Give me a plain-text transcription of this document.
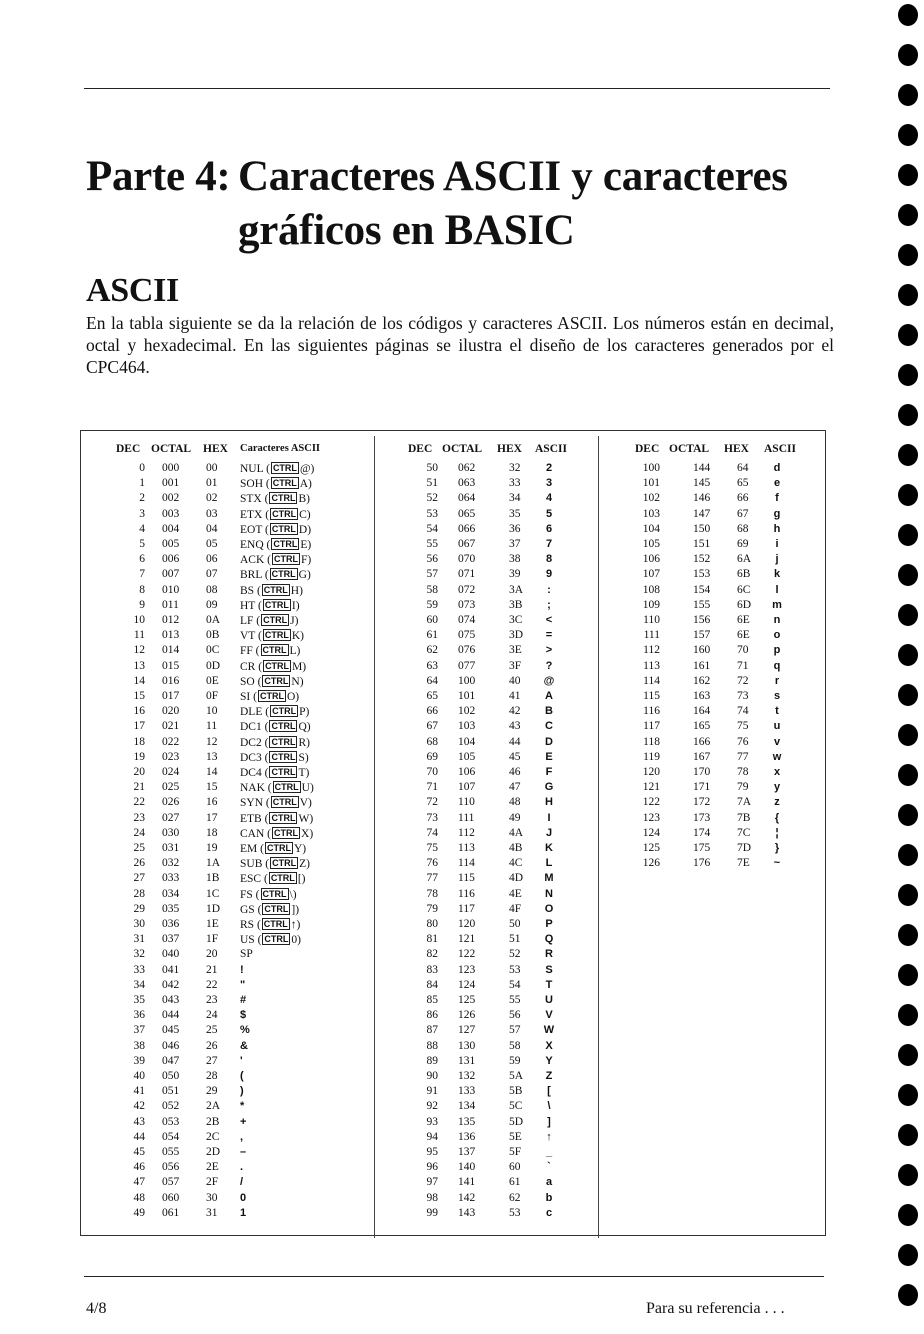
Parte 4: Caracteres ASCII y caracteres
gráficos en BASIC
ASCII

En la tabla siguiente se da la relación de los códigos y caracteres ASCII. Los números están en decimal, octal y hexadecimal. En las siguientes páginas se ilustra el diseño de los caracteres generados por el CPC464.

DEC OCTAL HEX Caracteres ASCII
0 000 00 NUL ( CTRL @)
1 001 01 SOH ( CTRL A)
2 002 02 STX ( CTRL B)
3 003 03 ETX ( CTRL C)
4 004 04 EOT ( CTRL D)
5 005 05 ENQ ( CTRL E)
6 006 06 ACK ( CTRL F)
7 007 07 BRL ( CTRL G)
8 010 08 BS ( CTRL H)
9 011 09 HT ( CTRL I)
10 012 0A LF ( CTRL J)
11 013 0B VT ( CTRL K)
12 014 0C FF ( CTRL L)
13 015 0D CR ( CTRL M)
14 016 0E SO ( CTRL N)
15 017 0F SI ( CTRL O)
16 020 10 DLE ( CTRL P)
17 021 11 DC1 ( CTRL Q)
18 022 12 DC2 ( CTRL R)
19 023 13 DC3 ( CTRL S)
20 024 14 DC4 ( CTRL T)
21 025 15 NAK ( CTRL U)
22 026 16 SYN ( CTRL V)
23 027 17 ETB ( CTRL W)
24 030 18 CAN ( CTRL X)
25 031 19 EM ( CTRL Y)
26 032 1A SUB ( CTRL Z)
27 033 1B ESC ( CTRL [)
28 034 1C FS ( CTRL \)
29 035 1D GS ( CTRL ])
30 036 1E RS ( CTRL ↑)
31 037 1F US ( CTRL 0)
32 040 20 SP
33 041 21 !
34 042 22 "
35 043 23 #
36 044 24 $
37 045 25 %
38 046 26 &
39 047 27 '
40 050 28 (
41 051 29 )
42 052 2A *
43 053 2B +
44 054 2C ,
45 055 2D –
46 056 2E .
47 057 2F /
48 060 30 0
49 061 31 1
DEC OCTAL HEX ASCII
50 062	32	2
51 063	33	3
52 064	34	4
53 065	35	5
54 066	36	6
55 067	37	7
56 070	38	8
57 071	39	9
58 072	3A	:
59 073	3B	;
60 074	3C	<
61 075	3D	=
62 076	3E	>
63 077	3F	?
64 100	40	@
65 101	41	A
66 102	42	B
67 103	43	C
68 104	44	D
69 105	45	E
70 106	46	F
71 107	47	G
72 110	48	H
73 111	49	I
74 112	4A	J
75 113	4B	K
76 114	4C	L
77 115	4D	M
78 116	4E	N
79 117	4F	O
80 120	50	P
81 121	51	Q
82 122	52	R
83 123	53	S
84 124	54	T
85 125	55	U
86 126	56	V
87 127	57	W
88 130	58	X
89 131	59	Y
90 132	5A	Z
91 133	5B	[
92 134	5C	\
93 135	5D	]
94 136	5E	↑
95 137	5F	_
96 140	60	`
97 141	61	a
98 142	62	b
99 143	53	c
DEC OCTAL HEX ASCII
100	144 64	d
101	145 65	e
102	146 66	f
103	147 67	g
104	150 68	h
105	151 69	i
106	152 6A	j
107	153 6B	k
108	154 6C	l
109	155 6D	m
110	156 6E	n
111	157 6E	o
112	160 70	p
113	161 71	q
114	162 72	r
115	163 73	s
116	164 74	t
117	165 75	u
118	166 76	v
119	167 77	w
120	170 78	x
121	171 79	y
122	172 7A	z
123	173 7B	{
124	174 7C	¦
125	175 7D	}
126	176 7E	~
4/8	Para su referencia . . .
